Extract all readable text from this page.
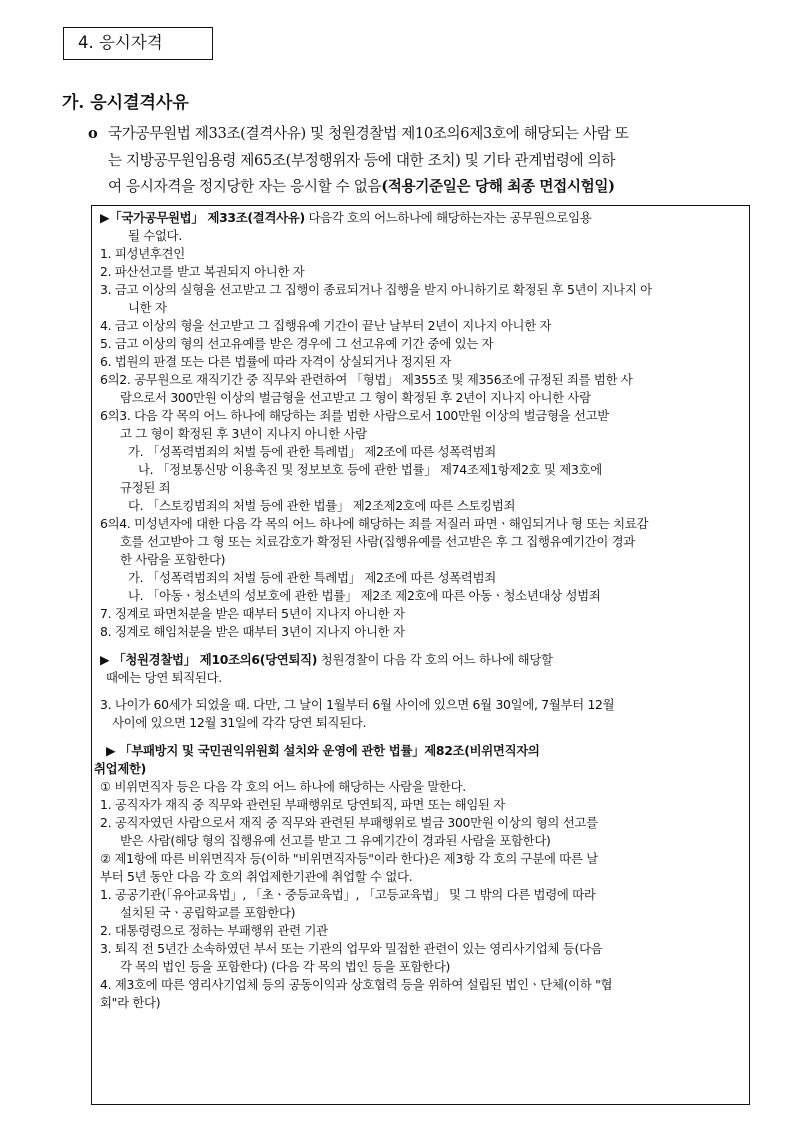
4. 응시자격
가. 응시결격사유
o 국가공무원법 제33조(결격사유) 및 청원경찰법 제10조의6제3호에 해당되는 사람 또
는 지방공무원임용령 제65조(부정행위자 등에 대한 조치) 및 기타 관계법령에 의하
여 응시자격을 정지당한 자는 응시할 수 없음(적용기준일은 당해 최종 면접시험일)
▶「국가공무원법」 제33조(결격사유) 다음각 호의 어느하나에 해당하는자는 공무원으로임용
될 수없다.
1. 피성년후견인
2. 파산선고를 받고 복권되지 아니한 자
3. 금고 이상의 실형을 선고받고 그 집행이 종료되거나 집행을 받지 아니하기로 확정된 후 5년이 지나지 아
니한 자
4. 금고 이상의 형을 선고받고 그 집행유예 기간이 끝난 날부터 2년이 지나지 아니한 자
5. 금고 이상의 형의 선고유예를 받은 경우에 그 선고유예 기간 중에 있는 자
6. 법원의 판결 또는 다른 법률에 따라 자격이 상실되거나 정지된 자
6의2. 공무원으로 재직기간 중 직무와 관련하여 「형법」 제355조 및 제356조에 규정된 죄를 범한 사
람으로서 300만원 이상의 벌금형을 선고받고 그 형이 확정된 후 2년이 지나지 아니한 사람
6의3. 다음 각 목의 어느 하나에 해당하는 죄를 범한 사람으로서 100만원 이상의 벌금형을 선고받
고 그 형이 확정된 후 3년이 지나지 아니한 사람
가. 「성폭력범죄의 처벌 등에 관한 특례법」 제2조에 따른 성폭력범죄
나. 「정보통신망 이용촉진 및 정보보호 등에 관한 법률」 제74조제1항제2호 및 제3호에
규정된 죄
다. 「스토킹범죄의 처벌 등에 관한 법률」 제2조제2호에 따른 스토킹범죄
6의4. 미성년자에 대한 다음 각 목의 어느 하나에 해당하는 죄를 저질러 파면ㆍ해임되거나 형 또는 치료감
호를 선고받아 그 형 또는 치료감호가 확정된 사람(집행유예를 선고받은 후 그 집행유예기간이 경과
한 사람을 포함한다)
가. 「성폭력범죄의 처벌 등에 관한 특례법」 제2조에 따른 성폭력범죄
나. 「아동ㆍ청소년의 성보호에 관한 법률」 제2조 제2호에 따른 아동ㆍ청소년대상 성범죄
7. 징계로 파면처분을 받은 때부터 5년이 지나지 아니한 자
8. 징계로 해임처분을 받은 때부터 3년이 지나지 아니한 자
▶ 「청원경찰법」 제10조의6(당연퇴직) 청원경찰이 다음 각 호의 어느 하나에 해당할
때에는 당연 퇴직된다.
3. 나이가 60세가 되었을 때. 다만, 그 날이 1월부터 6월 사이에 있으면 6월 30일에, 7월부터 12월
사이에 있으면 12월 31일에 각각 당연 퇴직된다.
▶ 「부패방지 및 국민권익위원회 설치와 운영에 관한 법률」제82조(비위면직자의
취업제한)
① 비위면직자 등은 다음 각 호의 어느 하나에 해당하는 사람을 말한다.
1. 공직자가 재직 중 직무와 관련된 부패행위로 당연퇴직, 파면 또는 해임된 자
2. 공직자였던 사람으로서 재직 중 직무와 관련된 부패행위로 벌금 300만원 이상의 형의 선고를
받은 사람(해당 형의 집행유예 선고를 받고 그 유예기간이 경과된 사람을 포함한다)
② 제1항에 따른 비위면직자 등(이하 "비위면직자등"이라 한다)은 제3항 각 호의 구분에 따른 날
부터 5년 동안 다음 각 호의 취업제한기관에 취업할 수 없다.
1. 공공기관(「유아교육법」, 「초ㆍ중등교육법」, 「고등교육법」 및 그 밖의 다른 법령에 따라
설치된 국ㆍ공립학교를 포함한다)
2. 대통령령으로 정하는 부패행위 관련 기관
3. 퇴직 전 5년간 소속하였던 부서 또는 기관의 업무와 밀접한 관련이 있는 영리사기업체 등(다음
각 목의 법인 등을 포함한다) (다음 각 목의 법인 등을 포함한다)
4. 제3호에 따른 영리사기업체 등의 공동이익과 상호협력 등을 위하여 설립된 법인ㆍ단체(이하 "협
회"라 한다)
